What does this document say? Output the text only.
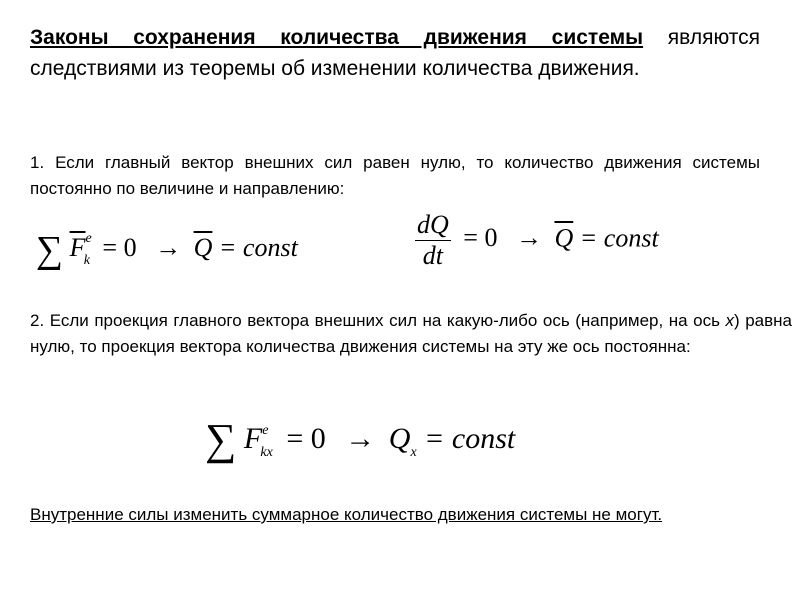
Законы сохранения количества движения системы являются следствиями из теоремы об изменении количества движения.
1. Если главный вектор внешних сил равен нулю, то количество движения системы постоянно по величине и направлению:
∑ $\overline{F}^e_k = 0 \to \overline{Q}$ = const	$\frac{dQ}{dt} = 0 \to \overline{Q}$ = const
2. Если проекция главного вектора внешних сил на какую-либо ось (например, на ось x) равна нулю, то проекция вектора количества движения системы на эту же ось постоянна:
∑ $F^e_{kx} = 0 \to Q_x$ = const
Внутренние силы изменить суммарное количество движения системы не могут.
